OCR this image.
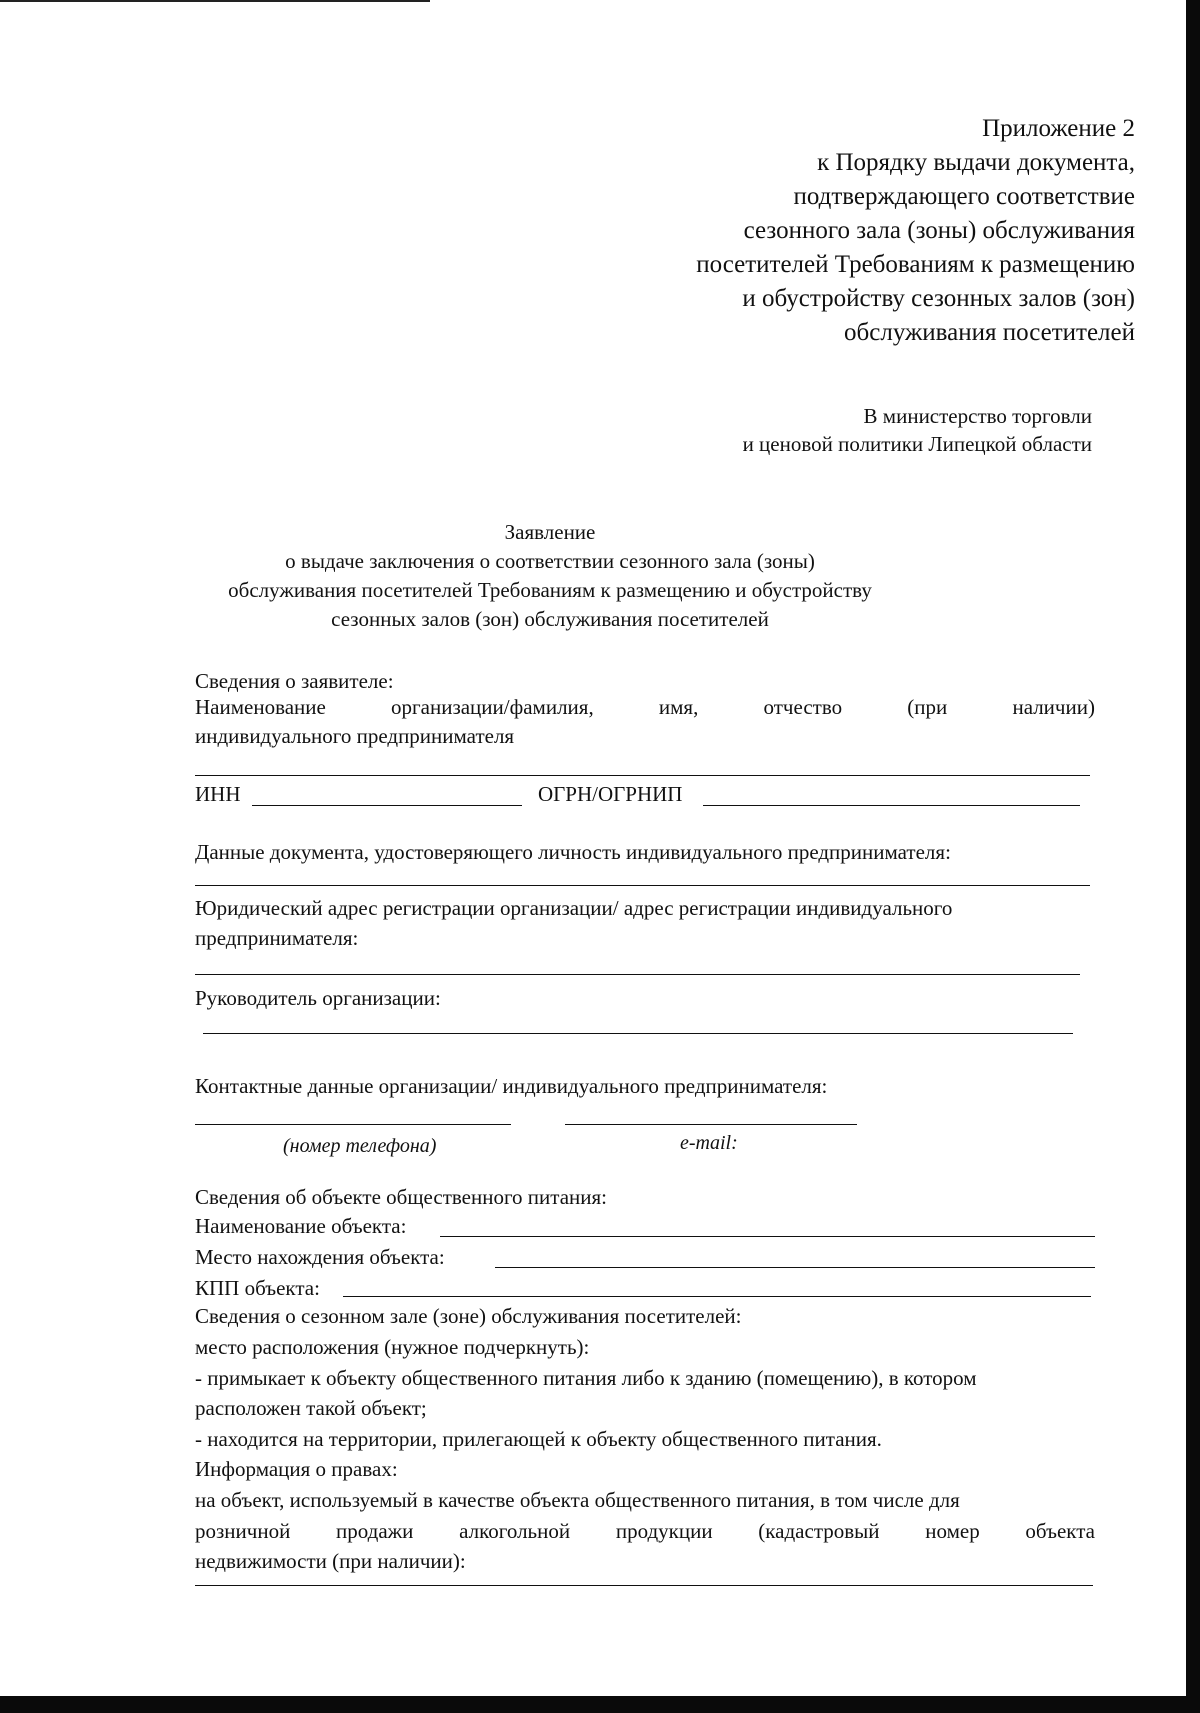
Приложение 2
к Порядку выдачи документа,
подтверждающего соответствие
сезонного зала (зоны) обслуживания
посетителей Требованиям к размещению
и обустройству сезонных залов (зон)
обслуживания посетителей
В министерство торговли
и ценовой политики Липецкой области
Заявление
о выдаче заключения о соответствии сезонного зала (зоны)
обслуживания посетителей Требованиям к размещению и обустройству
сезонных залов (зон) обслуживания посетителей
Сведения о заявителе:
Наименование	организации/фамилия,	имя,	отчество	(при	наличии)
индивидуального предпринимателя
ИНН	ОГРН/ОГРНИП
Данные документа, удостоверяющего личность индивидуального предпринимателя:
Юридический адрес регистрации организации/ адрес регистрации индивидуального
предпринимателя:
Руководитель организации:
Контактные данные организации/ индивидуального предпринимателя:
(номер телефона)	e-mail:
Сведения об объекте общественного питания:
Наименование объекта:
Место нахождения объекта:
КПП объекта:
Сведения о сезонном зале (зоне) обслуживания посетителей:
место расположения (нужное подчеркнуть):
- примыкает к объекту общественного питания либо к зданию (помещению), в котором
расположен такой объект;
- находится на территории, прилегающей к объекту общественного питания.
Информация о правах:
на объект, используемый в качестве объекта общественного питания, в том числе для
розничной продажи алкогольной продукции (кадастровый номер объекта
недвижимости (при наличии):
